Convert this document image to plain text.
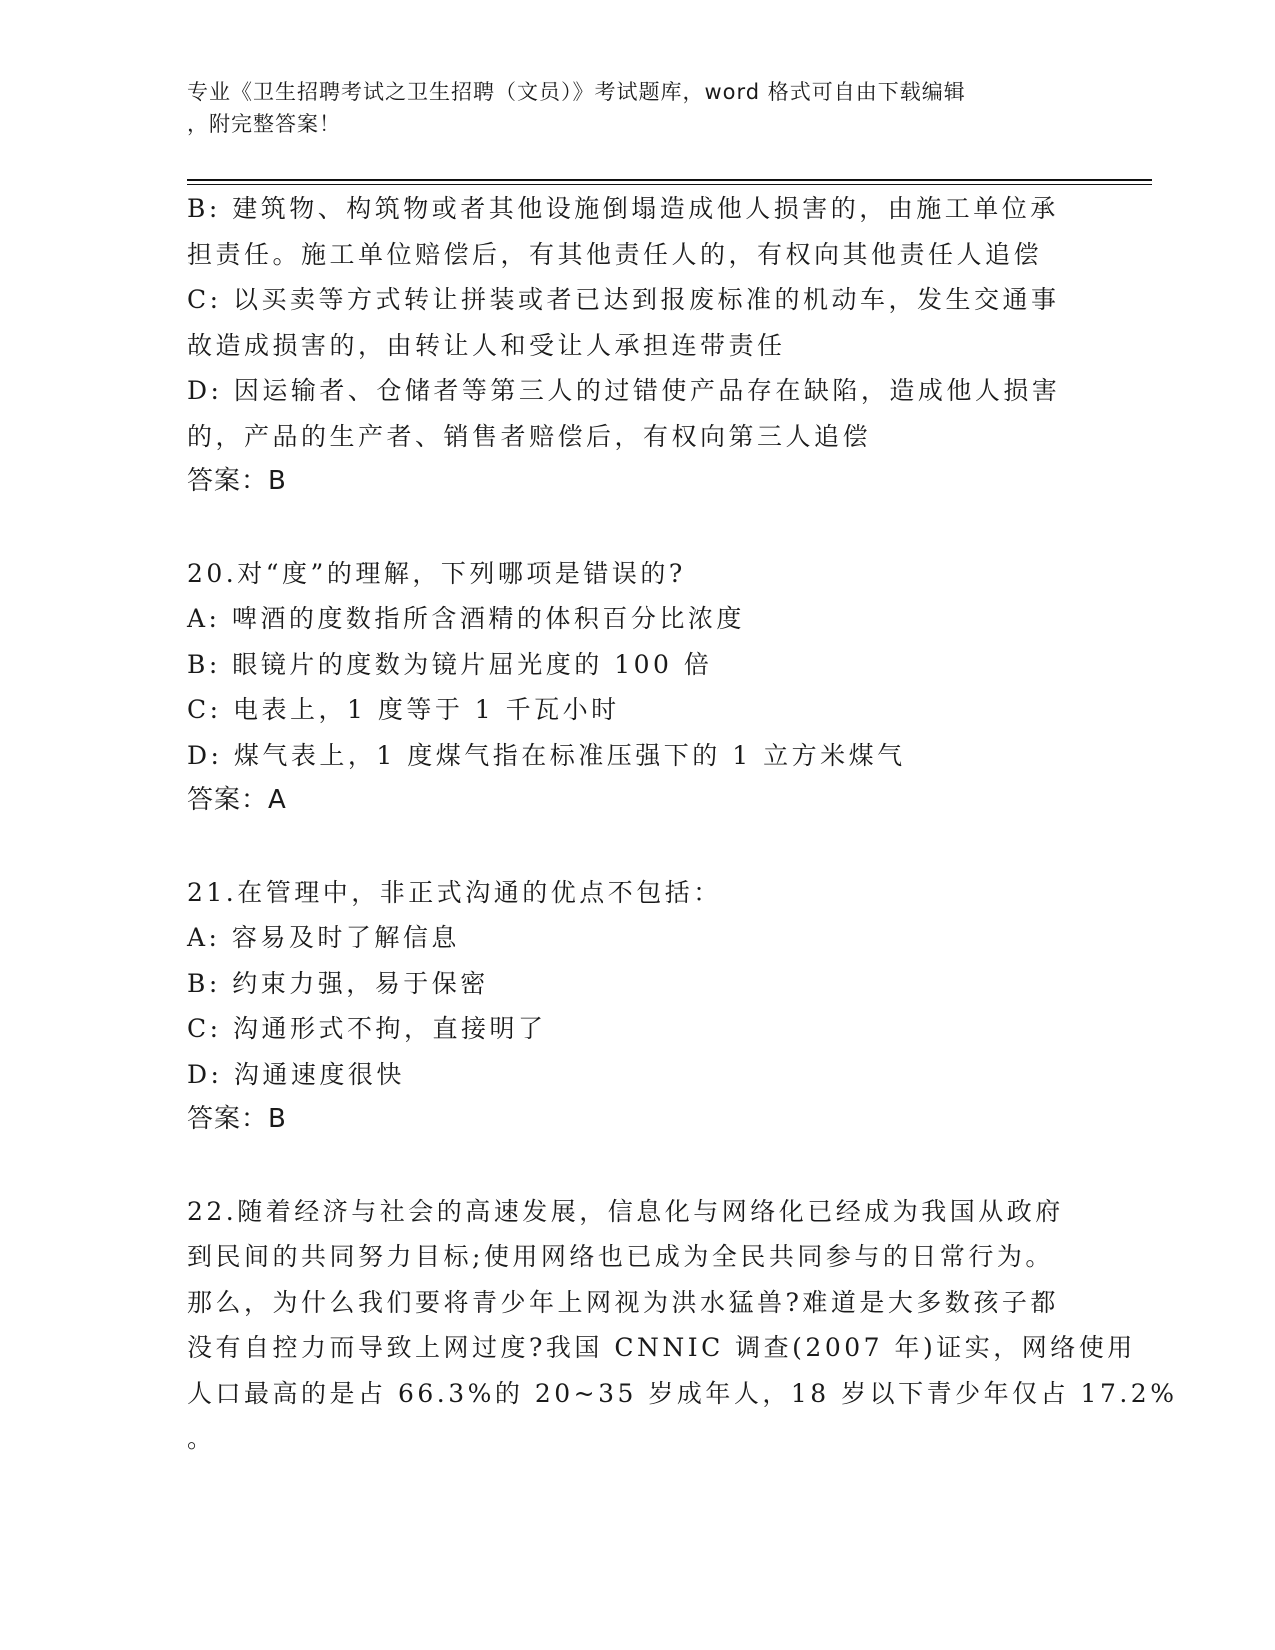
专业《卫生招聘考试之卫生招聘（文员）》考试题库，word 格式可自由下载编辑
，附完整答案！
B: 建筑物、构筑物或者其他设施倒塌造成他人损害的，由施工单位承
担责任。施工单位赔偿后，有其他责任人的，有权向其他责任人追偿
C: 以买卖等方式转让拼装或者已达到报废标准的机动车，发生交通事
故造成损害的，由转让人和受让人承担连带责任
D: 因运输者、仓储者等第三人的过错使产品存在缺陷，造成他人损害
的，产品的生产者、销售者赔偿后，有权向第三人追偿
答案：B
20.对“度”的理解，下列哪项是错误的?
A: 啤酒的度数指所含酒精的体积百分比浓度
B: 眼镜片的度数为镜片屈光度的 100 倍
C: 电表上，1 度等于 1 千瓦小时
D: 煤气表上，1 度煤气指在标准压强下的 1 立方米煤气
答案：A
21.在管理中，非正式沟通的优点不包括：
A: 容易及时了解信息
B: 约束力强，易于保密
C: 沟通形式不拘，直接明了
D: 沟通速度很快
答案：B
22.随着经济与社会的高速发展，信息化与网络化已经成为我国从政府
到民间的共同努力目标;使用网络也已成为全民共同参与的日常行为。
那么，为什么我们要将青少年上网视为洪水猛兽?难道是大多数孩子都
没有自控力而导致上网过度?我国 CNNIC 调查(2007 年)证实，网络使用
人口最高的是占 66.3%的 20~35 岁成年人，18 岁以下青少年仅占 17.2%
。
